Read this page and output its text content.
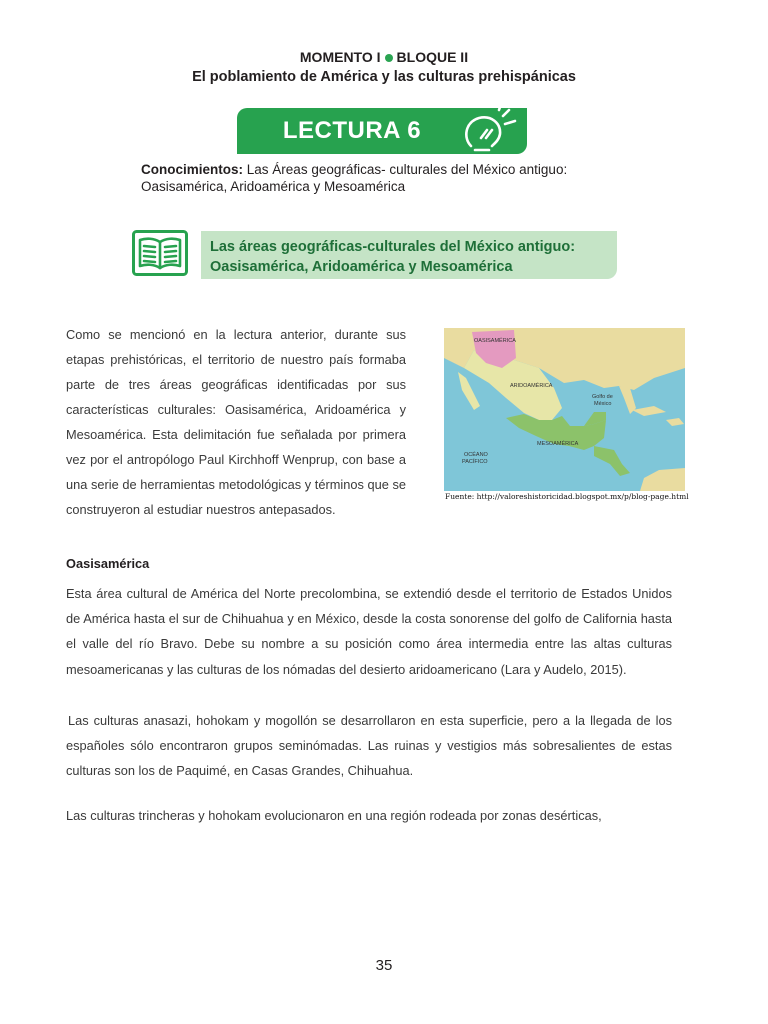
MOMENTO I BLOQUE II
El poblamiento de América y las culturas prehispánicas
LECTURA 6
Conocimientos: Las Áreas geográficas- culturales del México antiguo: Oasisamérica, Aridoamérica y Mesoamérica
Las áreas geográficas-culturales del México antiguo: Oasisamérica, Aridoamérica y Mesoamérica
Como se mencionó en la lectura anterior, durante sus etapas prehistóricas, el territorio de nuestro país formaba parte de tres áreas geográficas identificadas por sus características culturales: Oasisamérica, Aridoamérica y Mesoamérica. Esta delimitación fue señalada por primera vez por el antropólogo Paul Kirchhoff Wenprup, con base a una serie de herramientas metodológicas y términos que se construyeron al estudiar nuestros antepasados.
OASISAMÉRICA
ARIDOAMÉRICA
MESOAMÉRICA
Golfo de
México
OCÉANO
PACÍFICO
Fuente: http://valoreshistoricidad.blogspot.mx/p/blog-page.html
Oasisamérica
Esta área cultural de América del Norte precolombina, se extendió desde el territorio de Estados Unidos de América hasta el sur de Chihuahua y en México, desde la costa sonorense del golfo de California hasta el valle del río Bravo. Debe su nombre a su posición como área intermedia entre las altas culturas mesoamericanas y las culturas de los nómadas del desierto aridoamericano (Lara y Audelo, 2015).
Las culturas anasazi, hohokam y mogollón se desarrollaron en esta superficie, pero a la llegada de los españoles sólo encontraron grupos seminómadas. Las ruinas y vestigios más sobresalientes de estas culturas son los de Paquimé, en Casas Grandes, Chihuahua.
Las culturas trincheras y hohokam evolucionaron en una región rodeada por zonas desérticas,
35
